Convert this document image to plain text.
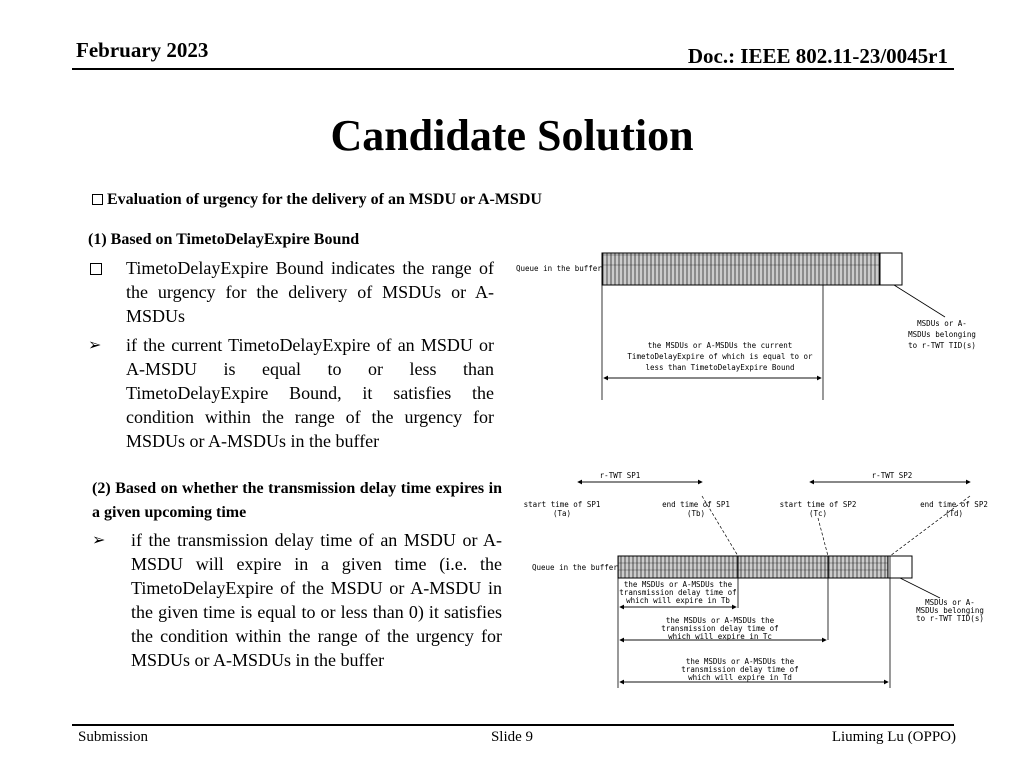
February 2023	Doc.: IEEE 802.11-23/0045r1
Candidate Solution
Evaluation of urgency for the delivery of an MSDU or A-MSDU
(1) Based on TimetoDelayExpire Bound
TimetoDelayExpire Bound indicates the range of the urgency for the delivery of MSDUs or A-MSDUs
➢ if the current TimetoDelayExpire of an MSDU or A-MSDU is equal to or less than TimetoDelayExpire Bound, it satisfies the condition within the range of the urgency for MSDUs or A-MSDUs in the buffer
Queue in the buffer
the MSDUs or A-MSDUs the current
TimetoDelayExpire of which is equal to or
less than TimetoDelayExpire Bound
MSDUs or A-
MSDUs belonging
to r-TWT TID(s)
(2) Based on whether the transmission delay time expires in a given upcoming time
➢ if the transmission delay time of an MSDU or A-MSDU will expire in a given time (i.e. the TimetoDelayExpire of the MSDU or A-MSDU in the given time is equal to or less than 0) it satisfies the condition within the range of the urgency for MSDUs or A-MSDUs in the buffer
r-TWT SP1	r-TWT SP2
start time of SP1
(Ta)
end time of SP1
(Tb)
start time of SP2
(Tc)
end time of SP2
(Td)
Queue in the buffer
the MSDUs or A-MSDUs the
transmission delay time of
which will expire in Tb
the MSDUs or A-MSDUs the
transmission delay time of
which will expire in Tc
the MSDUs or A-MSDUs the
transmission delay time of
which will expire in Td
MSDUs or A-
MSDUs belonging
to r-TWT TID(s)
Submission	Slide 9	Liuming Lu (OPPO)
